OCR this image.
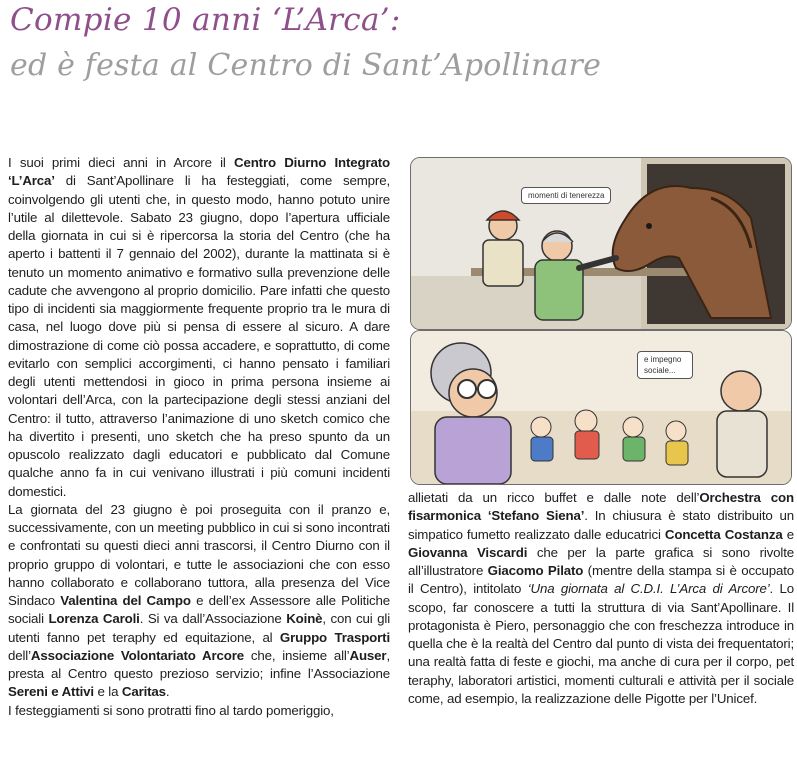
Compie 10 anni ‘L’Arca’:
ed è festa al Centro di Sant’Apollinare

I suoi primi dieci anni in Arcore il Centro Diurno Integrato ‘L’Arca’ di Sant’Apollinare li ha festeggiati, come sempre, coinvolgendo gli utenti che, in questo modo, hanno potuto unire l’utile al dilettevole. Sabato 23 giugno, dopo l’apertura ufficiale della giornata in cui si è ripercorsa la storia del Centro (che ha aperto i battenti il 7 gennaio del 2002), durante la mattinata si è tenuto un momento animativo e formativo sulla prevenzione delle cadute che avvengono al proprio domicilio. Pare infatti che questo tipo di incidenti sia maggiormente frequente proprio tra le mura di casa, nel luogo dove più si pensa di essere al sicuro. A dare dimostrazione di come ciò possa accadere, e soprattutto, di come evitarlo con semplici accorgimenti, ci hanno pensato i familiari degli utenti mettendosi in gioco in prima persona insieme ai volontari dell’Arca, con la partecipazione degli stessi anziani del Centro: il tutto, attraverso l’animazione di uno sketch comico che ha divertito i presenti, uno sketch che ha preso spunto da un opuscolo realizzato dagli educatori e pubblicato dal Comune qualche anno fa in cui venivano illustrati i più comuni incidenti domestici.

La giornata del 23 giugno è poi proseguita con il pranzo e, successivamente, con un meeting pubblico in cui si sono incontrati e confrontati su questi dieci anni trascorsi, il Centro Diurno con il proprio gruppo di volontari, e tutte le associazioni che con esso hanno collaborato e collaborano tuttora, alla presenza del Vice Sindaco Valentina del Campo e dell’ex Assessore alle Politiche sociali Lorenza Caroli. Si va dall’Associazione Koinè, con cui gli utenti fanno pet teraphy ed equitazione, al Gruppo Trasporti dell’Associazione Volontariato Arcore che, insieme all’Auser, presta al Centro questo prezioso servizio; infine l’Associazione Sereni e Attivi e la Caritas.

I festeggiamenti si sono protratti fino al tardo pomeriggio,

momenti di tenerezza
e impegno sociale...

allietati da un ricco buffet e dalle note dell’Orchestra con fisarmonica ‘Stefano Siena’. In chiusura è stato distribuito un simpatico fumetto realizzato dalle educatrici Concetta Costanza e Giovanna Viscardi che per la parte grafica si sono rivolte all’illustratore Giacomo Pilato (mentre della stampa si è occupato il Centro), intitolato ‘Una giornata al C.D.I. L’Arca di Arcore’. Lo scopo, far conoscere a tutti la struttura di via Sant’Apollinare. Il protagonista è Piero, personaggio che con freschezza introduce in quella che è la realtà del Centro dal punto di vista dei frequentatori; una realtà fatta di feste e giochi, ma anche di cura per il corpo, pet teraphy, laboratori artistici, momenti culturali e attività per il sociale come, ad esempio, la realizzazione delle Pigotte per l’Unicef.
